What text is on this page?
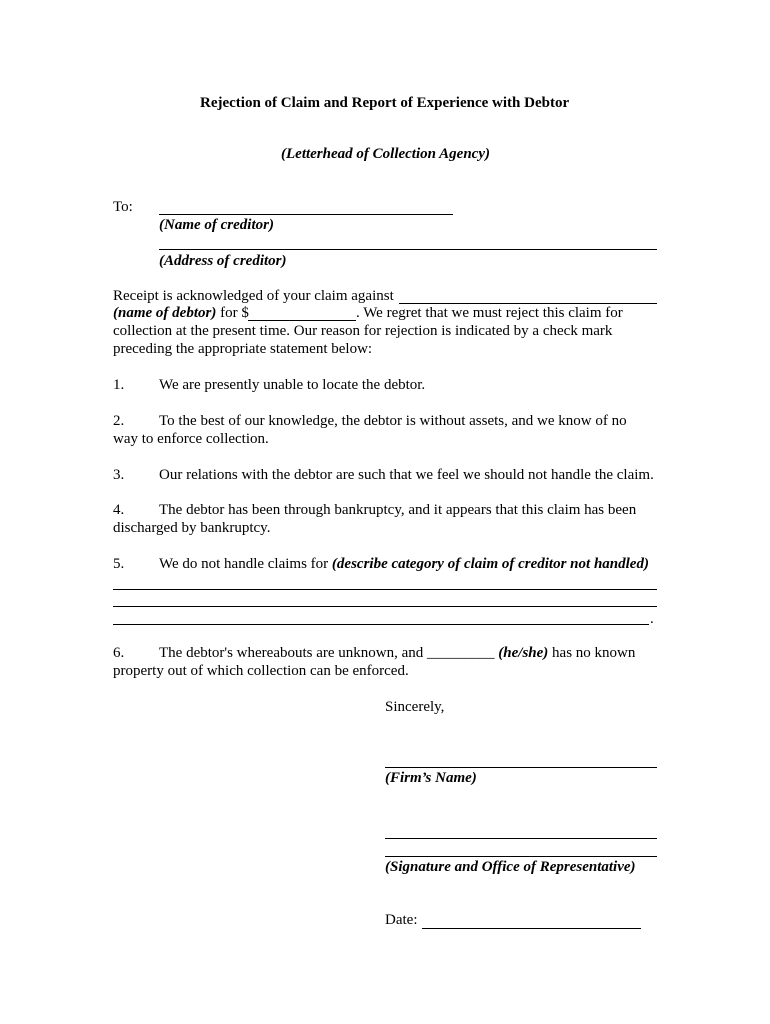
Rejection of Claim and Report of Experience with Debtor
(Letterhead of Collection Agency)
To:
(Name of creditor)
(Address of creditor)
Receipt is acknowledged of your claim against
(name of debtor) for $	. We regret that we must reject this claim for
collection at the present time. Our reason for rejection is indicated by a check mark
preceding the appropriate statement below:
1. We are presently unable to locate the debtor.
2. To the best of our knowledge, the debtor is without assets, and we know of no
way to enforce collection.
3. Our relations with the debtor are such that we feel we should not handle the claim.
4. The debtor has been through bankruptcy, and it appears that this claim has been
discharged by bankruptcy.
5. We do not handle claims for (describe category of claim of creditor not handled)
.
6. The debtor's whereabouts are unknown, and _________ (he/she) has no known
property out of which collection can be enforced.
Sincerely,
(Firm’s Name)
(Signature and Office of Representative)
Date:
